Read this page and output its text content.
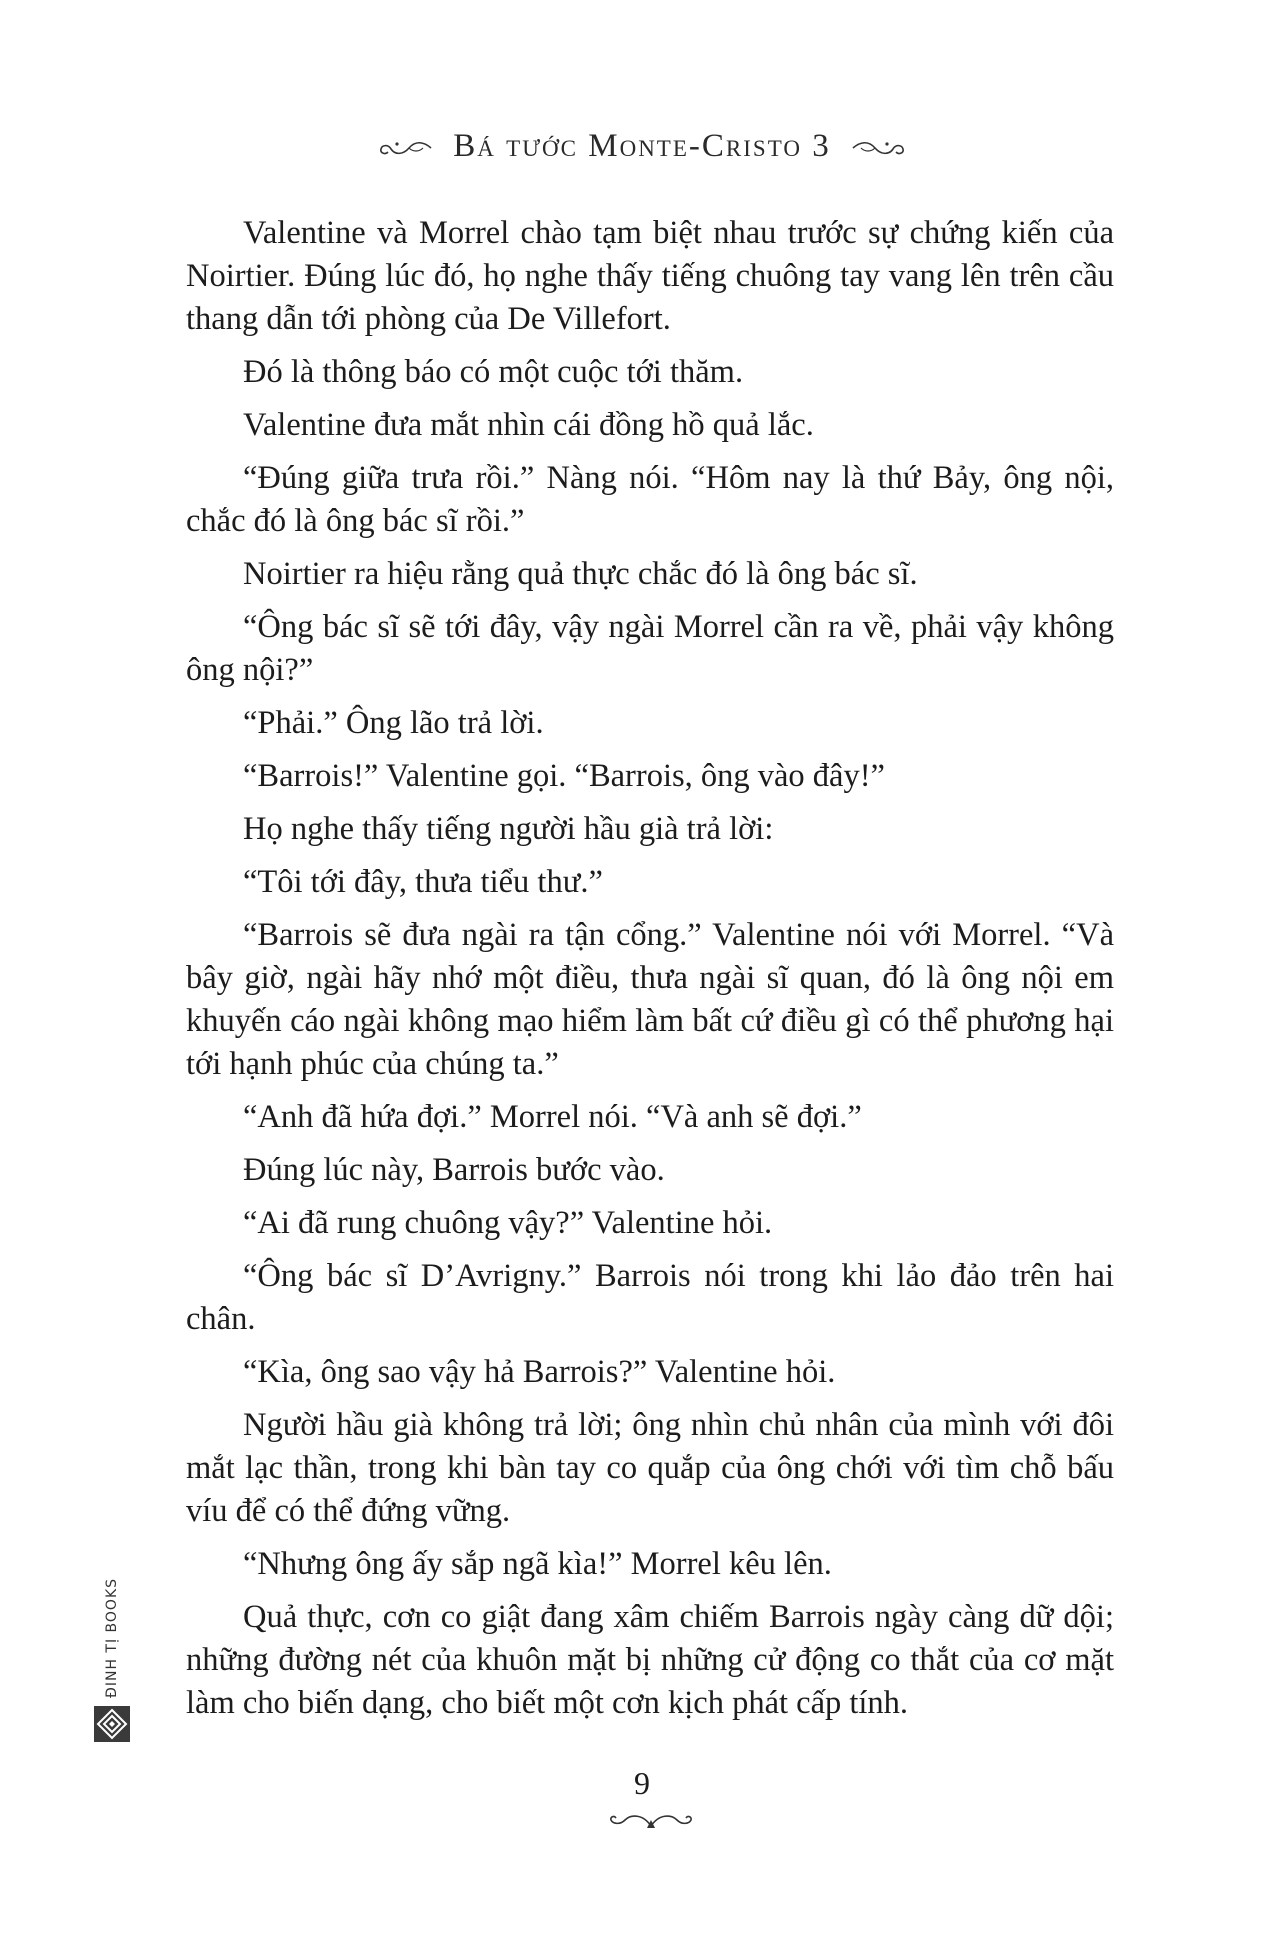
Bá tước Monte-Cristo 3

Valentine và Morrel chào tạm biệt nhau trước sự chứng kiến của Noirtier. Đúng lúc đó, họ nghe thấy tiếng chuông tay vang lên trên cầu thang dẫn tới phòng của De Villefort.

Đó là thông báo có một cuộc tới thăm.

Valentine đưa mắt nhìn cái đồng hồ quả lắc.

“Đúng giữa trưa rồi.” Nàng nói. “Hôm nay là thứ Bảy, ông nội, chắc đó là ông bác sĩ rồi.”

Noirtier ra hiệu rằng quả thực chắc đó là ông bác sĩ.

“Ông bác sĩ sẽ tới đây, vậy ngài Morrel cần ra về, phải vậy không ông nội?”

“Phải.” Ông lão trả lời.

“Barrois!” Valentine gọi. “Barrois, ông vào đây!”

Họ nghe thấy tiếng người hầu già trả lời:

“Tôi tới đây, thưa tiểu thư.”

“Barrois sẽ đưa ngài ra tận cổng.” Valentine nói với Morrel. “Và bây giờ, ngài hãy nhớ một điều, thưa ngài sĩ quan, đó là ông nội em khuyến cáo ngài không mạo hiểm làm bất cứ điều gì có thể phương hại tới hạnh phúc của chúng ta.”

“Anh đã hứa đợi.” Morrel nói. “Và anh sẽ đợi.”

Đúng lúc này, Barrois bước vào.

“Ai đã rung chuông vậy?” Valentine hỏi.

“Ông bác sĩ D’Avrigny.” Barrois nói trong khi lảo đảo trên hai chân.

“Kìa, ông sao vậy hả Barrois?” Valentine hỏi.

Người hầu già không trả lời; ông nhìn chủ nhân của mình với đôi mắt lạc thần, trong khi bàn tay co quắp của ông chới với tìm chỗ bấu víu để có thể đứng vững.

“Nhưng ông ấy sắp ngã kìa!” Morrel kêu lên.

Quả thực, cơn co giật đang xâm chiếm Barrois ngày càng dữ dội; những đường nét của khuôn mặt bị những cử động co thắt của cơ mặt làm cho biến dạng, cho biết một cơn kịch phát cấp tính.

ĐINH TỊ BOOKS
9
